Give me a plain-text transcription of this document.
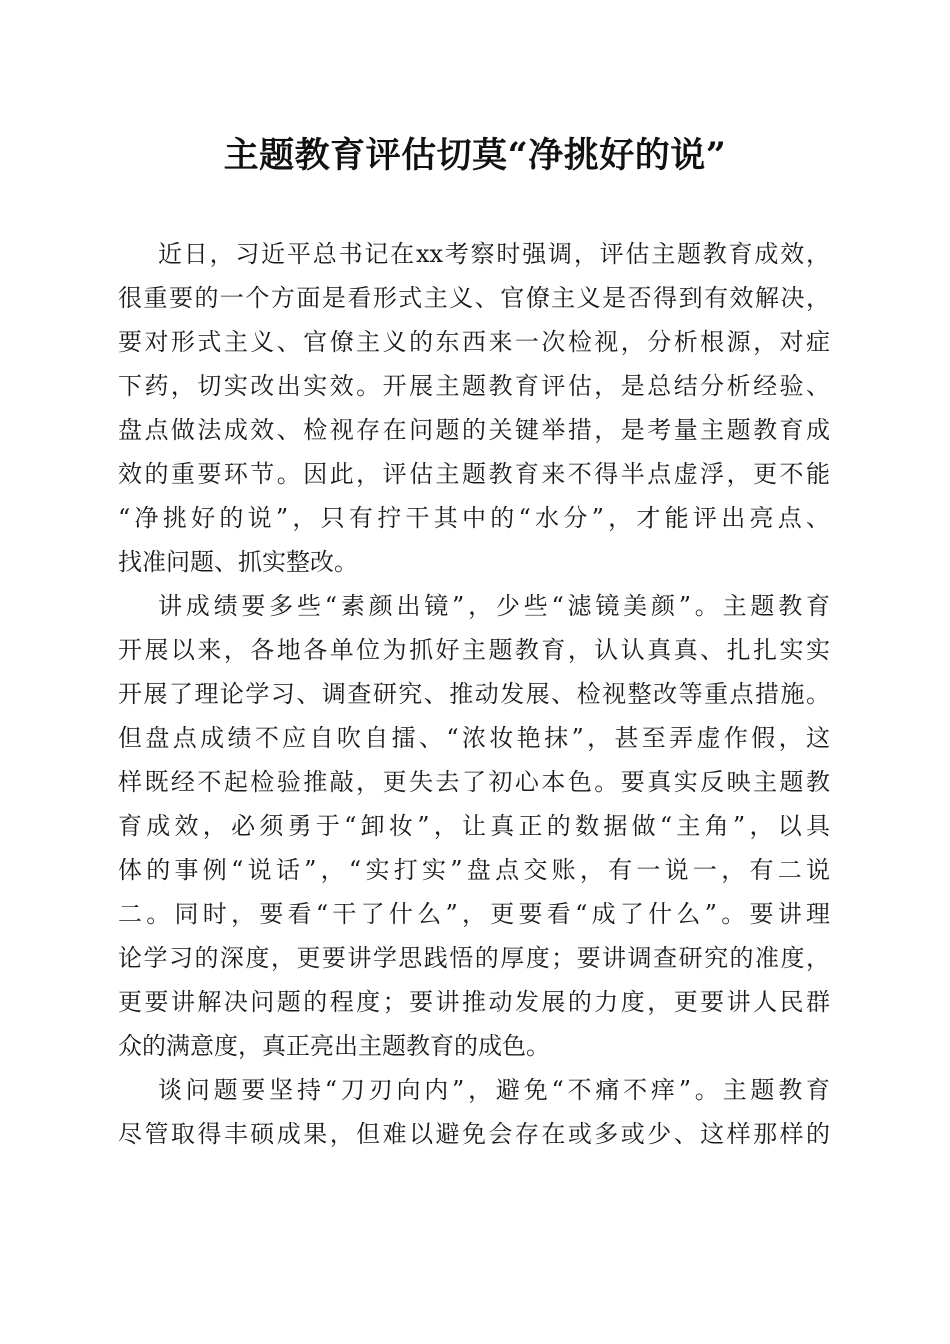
主题教育评估切莫“净挑好的说”
近日，习近平总书记在xx考察时强调，评估主题教育成效，
很重要的一个方面是看形式主义、官僚主义是否得到有效解决，
要对形式主义、官僚主义的东西来一次检视，分析根源，对症
下药，切实改出实效。开展主题教育评估，是总结分析经验、
盘点做法成效、检视存在问题的关键举措，是考量主题教育成
效的重要环节。因此，评估主题教育来不得半点虚浮，更不能
“净挑好的说”，只有拧干其中的“水分”，才能评出亮点、
找准问题、抓实整改。
讲成绩要多些“素颜出镜”，少些“滤镜美颜”。主题教育
开展以来，各地各单位为抓好主题教育，认认真真、扎扎实实
开展了理论学习、调查研究、推动发展、检视整改等重点措施。
但盘点成绩不应自吹自擂、“浓妆艳抹”，甚至弄虚作假，这
样既经不起检验推敲，更失去了初心本色。要真实反映主题教
育成效，必须勇于“卸妆”，让真正的数据做“主角”，以具
体的事例“说话”，“实打实”盘点交账，有一说一，有二说
二。同时，要看“干了什么”，更要看“成了什么”。要讲理
论学习的深度，更要讲学思践悟的厚度；要讲调查研究的准度，
更要讲解决问题的程度；要讲推动发展的力度，更要讲人民群
众的满意度，真正亮出主题教育的成色。
谈问题要坚持“刀刃向内”，避免“不痛不痒”。主题教育
尽管取得丰硕成果，但难以避免会存在或多或少、这样那样的
